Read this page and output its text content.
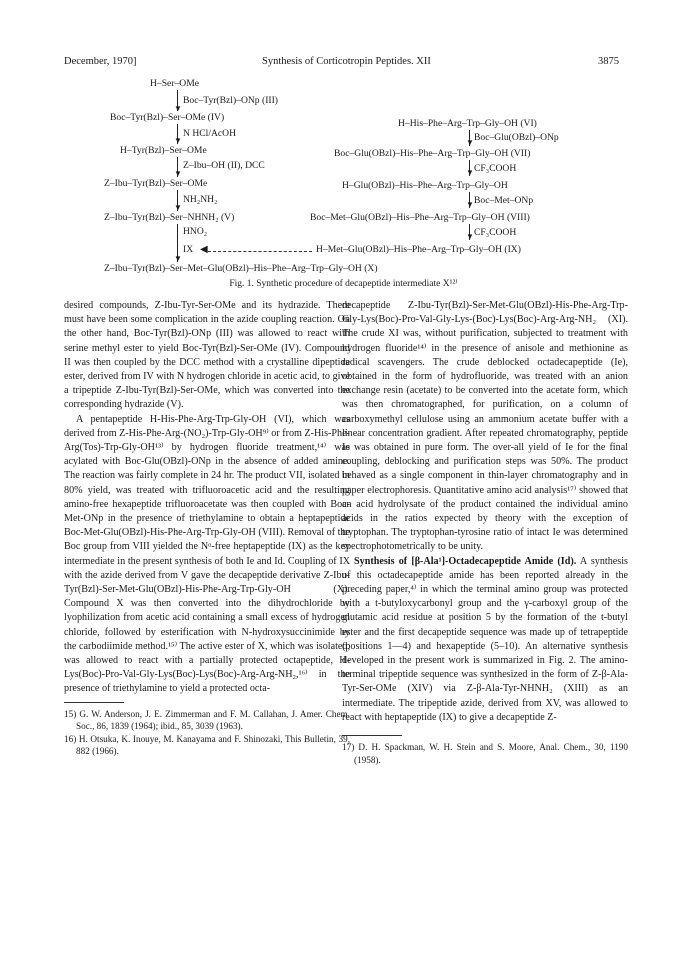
December, 1970]	Synthesis of Corticotropin Peptides. XII	3875
H–Ser–OMe
▼
Boc–Tyr(Bzl)–ONp (III)
Boc–Tyr(Bzl)–Ser–OMe (IV)
▼
N HCl/AcOH
H–Tyr(Bzl)–Ser–OMe
▼
Z–Ibu–OH (II), DCC
Z–Ibu–Tyr(Bzl)–Ser–OMe
▼
NH₂NH₂
Z–Ibu–Tyr(Bzl)–Ser–NHNH₂ (V)
▼
HNO₂
IX ◀
Z–Ibu–Tyr(Bzl)–Ser–Met–Glu(OBzl)–His–Phe–Arg–Trp–Gly–OH (X)
H–His–Phe–Arg–Trp–Gly–OH (VI)
▼ Boc–Glu(OBzl)–ONp
Boc–Glu(OBzl)–His–Phe–Arg–Trp–Gly–OH (VII)
▼ CF₃COOH
H–Glu(OBzl)–His–Phe–Arg–Trp–Gly–OH
▼ Boc–Met–ONp
Boc–Met–Glu(OBzl)–His–Phe–Arg–Trp–Gly–OH (VIII)
▼ CF₃COOH
H–Met–Glu(OBzl)–His–Phe–Arg–Trp–Gly–OH (IX)
Fig. 1. Synthetic procedure of decapeptide intermediate X¹²⁾

desired compounds, Z-Ibu-Tyr-Ser-OMe and its hydrazide. There must have been some complication in the azide coupling reaction. On the other hand, Boc-Tyr(Bzl)-ONp (III) was allowed to react with serine methyl ester to yield Boc-Tyr(Bzl)-Ser-OMe (IV). Compound II was then coupled by the DCC method with a crystalline dipeptide ester, derived from IV with N hydrogen chloride in acetic acid, to give a tripeptide Z-Ibu-Tyr(Bzl)-Ser-OMe, which was converted into the corresponding hydrazide (V).

A pentapeptide H-His-Phe-Arg-Trp-Gly-OH (VI), which was derived from Z-His-Phe-Arg-(NO₂)-Trp-Gly-OH⁹⁾ or from Z-His-Phe-Arg(Tos)-Trp-Gly-OH¹³⁾ by hydrogen fluoride treatment,¹⁴⁾ was acylated with Boc-Glu(OBzl)-ONp in the absence of added amine. The reaction was fairly complete in 24 hr. The product VII, isolated in 80% yield, was treated with trifluoroacetic acid and the resulting amino-free hexapeptide trifluoroacetate was then coupled with Boc-Met-ONp in the presence of triethylamine to obtain a heptapeptide Boc-Met-Glu(OBzl)-His-Phe-Arg-Trp-Gly-OH (VIII). Removal of the Boc group from VIII yielded the Nᵅ-free heptapeptide (IX) as the key intermediate in the present synthesis of both Ie and Id. Coupling of IX with the azide derived from V gave the decapeptide derivative Z-Ibu-Tyr(Bzl)-Ser-Met-Glu(OBzl)-His-Phe-Arg-Trp-Gly-OH (X). Compound X was then converted into the dihydrochloride by lyophilization from acetic acid containing a small excess of hydrogen chloride, followed by esterification with N-hydroxysuccinimide by the carbodiimide method.¹⁵⁾ The active ester of X, which was isolated, was allowed to react with a partially protected octapeptide, H-Lys(Boc)-Pro-Val-Gly-Lys(Boc)-Lys(Boc)-Arg-Arg-NH₂,¹⁶⁾ in the presence of triethylamine to yield a protected octa-

15) G. W. Anderson, J. E. Zimmerman and F. M. Callahan, J. Amer. Chem. Soc., 86, 1839 (1964); ibid., 85, 3039 (1963).

16) H. Otsuka, K. Inouye, M. Kanayama and F. Shinozaki, This Bulletin, 39, 882 (1966).

decapeptide Z-Ibu-Tyr(Bzl)-Ser-Met-Glu(OBzl)-His-Phe-Arg-Trp-Gly-Lys(Boc)-Pro-Val-Gly-Lys-(Boc)-Lys(Boc)-Arg-Arg-NH₂ (XI). The crude XI was, without purification, subjected to treatment with hydrogen fluoride¹⁴⁾ in the presence of anisole and methionine as radical scavengers. The crude deblocked octadecapeptide (Ie), obtained in the form of hydrofluoride, was treated with an anion exchange resin (acetate) to be converted into the acetate form, which was then chromatographed, for purification, on a column of carboxymethyl cellulose using an ammonium acetate buffer with a linear concentration gradient. After repeated chromatography, peptide Ie was obtained in pure form. The over-all yield of Ie for the final coupling, deblocking and purification steps was 50%. The product behaved as a single component in thin-layer chromatography and in paper electrophoresis. Quantitative amino acid analysis¹⁷⁾ showed that an acid hydrolysate of the product contained the individual amino acids in the ratios expected by theory with the exception of tryptophan. The tryptophan-tyrosine ratio of intact Ie was determined spectrophotometrically to be unity.

Synthesis of [β-Ala¹]-Octadecapeptide Amide (Id). A synthesis of this octadecapeptide amide has been reported already in the preceding paper,⁴⁾ in which the terminal amino group was protected with a t-butyloxycarbonyl group and the γ-carboxyl group of the glutamic acid residue at position 5 by the formation of the t-butyl ester and the first decapeptide sequence was made up of tetrapeptide (positions 1—4) and hexapeptide (5–10). An alternative synthesis developed in the present work is summarized in Fig. 2. The amino-terminal tripeptide sequence was synthesized in the form of Z-β-Ala-Tyr-Ser-OMe (XIV) via Z-β-Ala-Tyr-NHNH₂ (XIII) as an intermediate. The tripeptide azide, derived from XV, was allowed to react with heptapeptide (IX) to give a decapeptide Z-

17) D. H. Spackman, W. H. Stein and S. Moore, Anal. Chem., 30, 1190 (1958).
